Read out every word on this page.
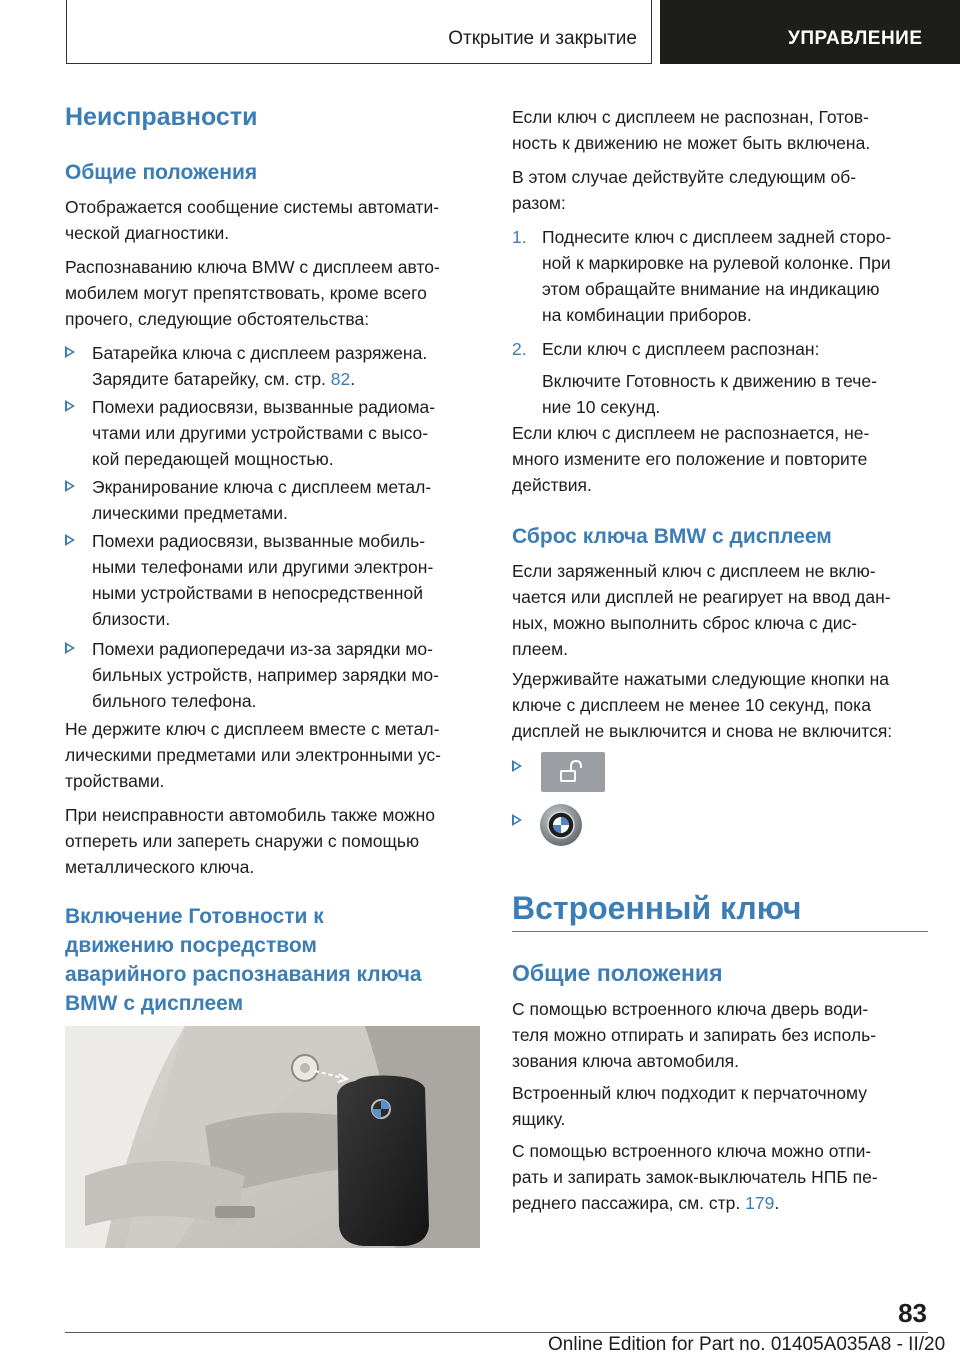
Открытие и закрытие	УПРАВЛЕНИЕ
Неисправности
Общие положения
Отображается сообщение системы автомати-
ческой диагностики.
Распознаванию ключа BMW с дисплеем авто-
мобилем могут препятствовать, кроме всего
прочего, следующие обстоятельства:
Батарейка ключа с дисплеем разряжена.
Зарядите батарейку, см. стр. 82.
Помехи радиосвязи, вызванные радиома-
чтами или другими устройствами с высо-
кой передающей мощностью.
Экранирование ключа с дисплеем метал-
лическими предметами.
Помехи радиосвязи, вызванные мобиль-
ными телефонами или другими электрон-
ными устройствами в непосредственной
близости.
Помехи радиопередачи из-за зарядки мо-
бильных устройств, например зарядки мо-
бильного телефона.
Не держите ключ с дисплеем вместе с метал-
лическими предметами или электронными ус-
тройствами.
При неисправности автомобиль также можно
отпереть или запереть снаружи с помощью
металлического ключа.
Включение Готовности к
движению посредством
аварийного распознавания ключа
BMW с дисплеем
Если ключ с дисплеем не распознан, Готов-
ность к движению не может быть включена.
В этом случае действуйте следующим об-
разом:
1. Поднесите ключ с дисплеем задней сторо-
ной к маркировке на рулевой колонке. При
этом обращайте внимание на индикацию
на комбинации приборов.
2. Если ключ с дисплеем распознан:
Включите Готовность к движению в тече-
ние 10 секунд.
Если ключ с дисплеем не распознается, не-
много измените его положение и повторите
действия.
Сброс ключа BMW с дисплеем
Если заряженный ключ с дисплеем не вклю-
чается или дисплей не реагирует на ввод дан-
ных, можно выполнить сброс ключа с дис-
плеем.
Удерживайте нажатыми следующие кнопки на
ключе с дисплеем не менее 10 секунд, пока
дисплей не выключится и снова не включится:
Встроенный ключ
Общие положения
С помощью встроенного ключа дверь води-
теля можно отпирать и запирать без исполь-
зования ключа автомобиля.
Встроенный ключ подходит к перчаточному
ящику.
С помощью встроенного ключа можно отпи-
рать и запирать замок-выключатель НПБ пе-
реднего пассажира, см. стр. 179.
83
Online Edition for Part no. 01405A035A8 - II/20
